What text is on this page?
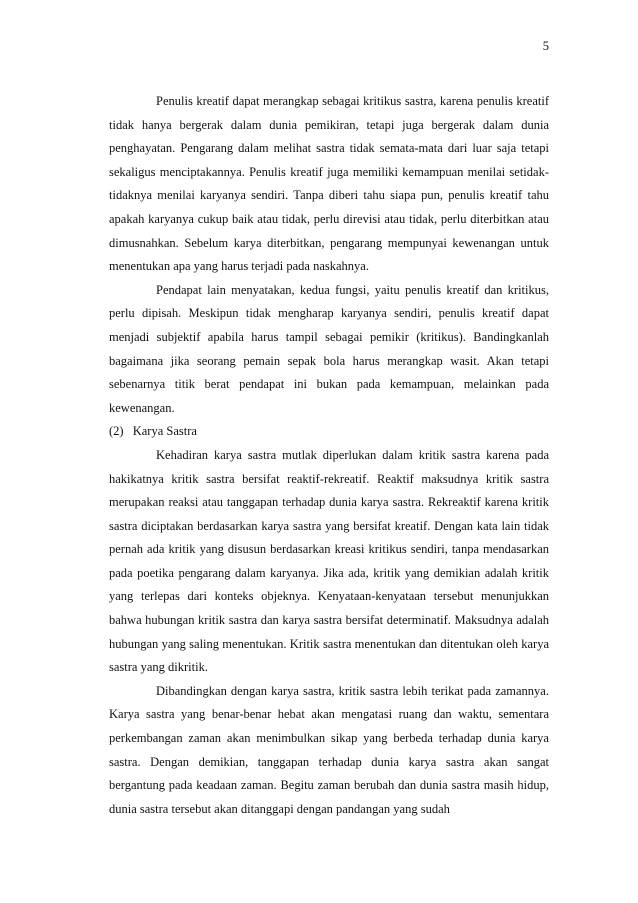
5

Penulis kreatif dapat merangkap sebagai kritikus sastra, karena penulis kreatif tidak hanya bergerak dalam dunia pemikiran, tetapi juga bergerak dalam dunia penghayatan. Pengarang dalam melihat sastra tidak semata-mata dari luar saja tetapi sekaligus menciptakannya. Penulis kreatif juga memiliki kemampuan menilai setidak-tidaknya menilai karyanya sendiri. Tanpa diberi tahu siapa pun, penulis kreatif tahu apakah karyanya cukup baik atau tidak, perlu direvisi atau tidak, perlu diterbitkan atau dimusnahkan. Sebelum karya diterbitkan, pengarang mempunyai kewenangan untuk menentukan apa yang harus terjadi pada naskahnya.

Pendapat lain menyatakan, kedua fungsi, yaitu penulis kreatif dan kritikus, perlu dipisah. Meskipun tidak mengharap karyanya sendiri, penulis kreatif dapat menjadi subjektif apabila harus tampil sebagai pemikir (kritikus). Bandingkanlah bagaimana jika seorang pemain sepak bola harus merangkap wasit. Akan tetapi sebenarnya titik berat pendapat ini bukan pada kemampuan, melainkan pada kewenangan.

(2) Karya Sastra

Kehadiran karya sastra mutlak diperlukan dalam kritik sastra karena pada hakikatnya kritik sastra bersifat reaktif-rekreatif. Reaktif maksudnya kritik sastra merupakan reaksi atau tanggapan terhadap dunia karya sastra. Rekreaktif karena kritik sastra diciptakan berdasarkan karya sastra yang bersifat kreatif. Dengan kata lain tidak pernah ada kritik yang disusun berdasarkan kreasi kritikus sendiri, tanpa mendasarkan pada poetika pengarang dalam karyanya. Jika ada, kritik yang demikian adalah kritik yang terlepas dari konteks objeknya. Kenyataan-kenyataan tersebut menunjukkan bahwa hubungan kritik sastra dan karya sastra bersifat determinatif. Maksudnya adalah hubungan yang saling menentukan. Kritik sastra menentukan dan ditentukan oleh karya sastra yang dikritik.

Dibandingkan dengan karya sastra, kritik sastra lebih terikat pada zamannya. Karya sastra yang benar-benar hebat akan mengatasi ruang dan waktu, sementara perkembangan zaman akan menimbulkan sikap yang berbeda terhadap dunia karya sastra. Dengan demikian, tanggapan terhadap dunia karya sastra akan sangat bergantung pada keadaan zaman. Begitu zaman berubah dan dunia sastra masih hidup, dunia sastra tersebut akan ditanggapi dengan pandangan yang sudah
